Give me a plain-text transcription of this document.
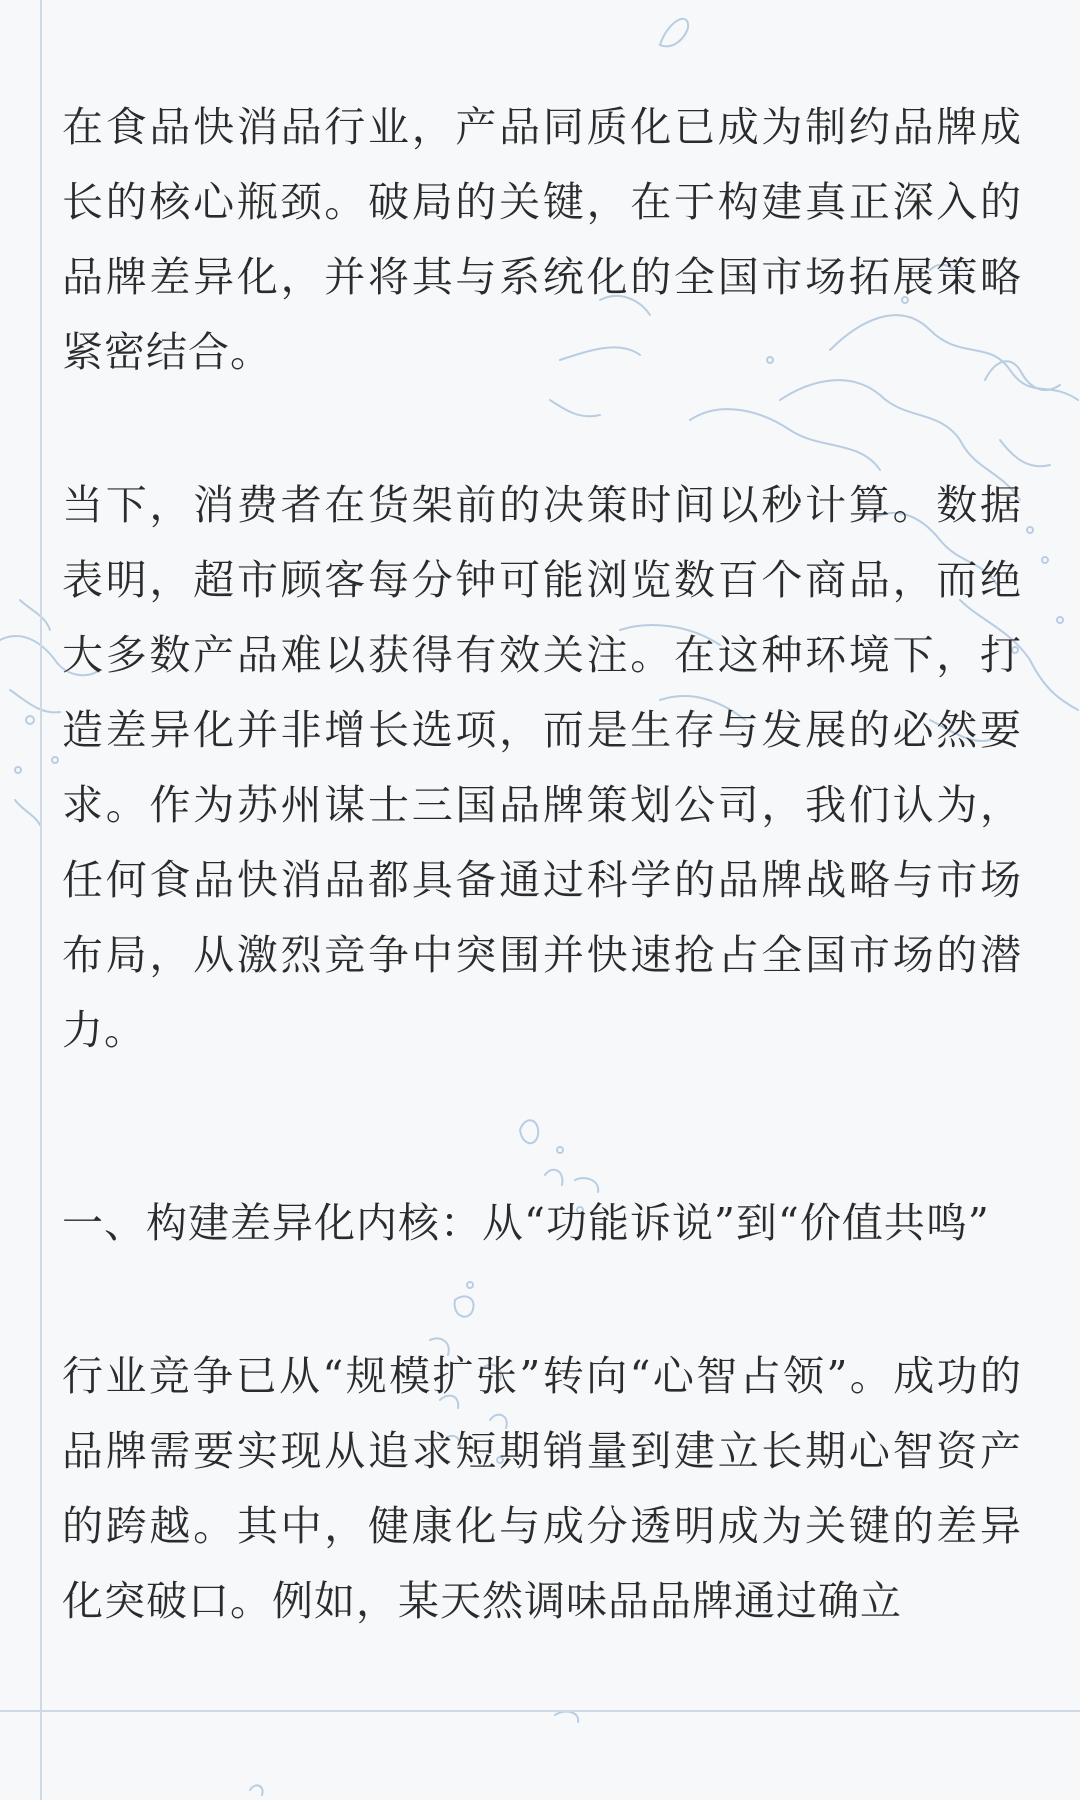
在食品快消品行业，产品同质化已成为制约品牌成长的核心瓶颈。破局的关键，在于构建真正深入的品牌差异化，并将其与系统化的全国市场拓展策略紧密结合。

当下，消费者在货架前的决策时间以秒计算。数据表明，超市顾客每分钟可能浏览数百个商品，而绝大多数产品难以获得有效关注。在这种环境下，打造差异化并非增长选项，而是生存与发展的必然要求。作为苏州谋士三国品牌策划公司，我们认为，任何食品快消品都具备通过科学的品牌战略与市场布局，从激烈竞争中突围并快速抢占全国市场的潜力。

一、构建差异化内核：从“功能诉说”到“价值共鸣”

行业竞争已从“规模扩张”转向“心智占领”。成功的品牌需要实现从追求短期销量到建立长期心智资产的跨越。其中，健康化与成分透明成为关键的差异化突破口。例如，某天然调味品品牌通过确立
